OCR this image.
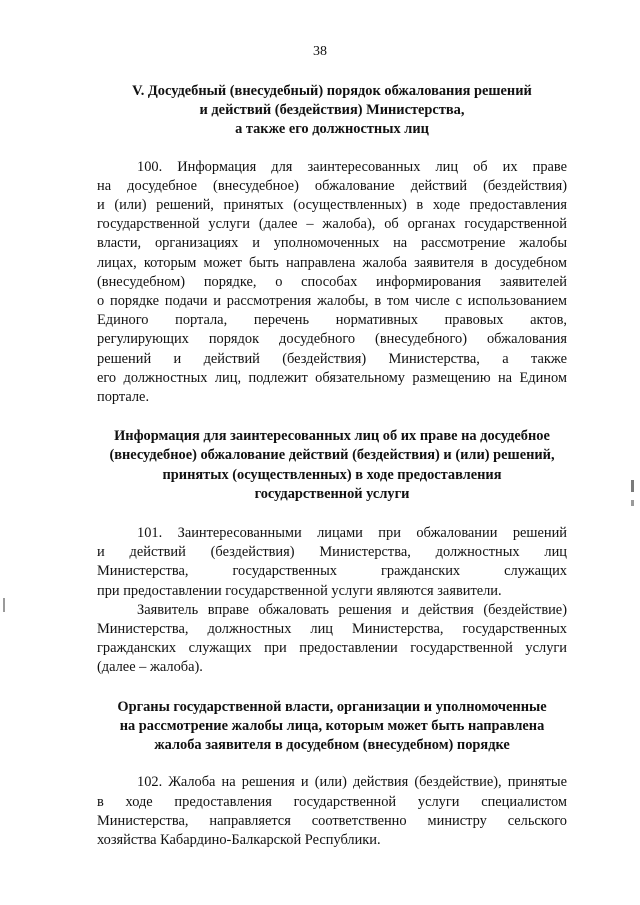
38
V. Досудебный (внесудебный) порядок обжалования решений
и действий (бездействия) Министерства,
а также его должностных лиц
100. Информация для заинтересованных лиц об их праве
на досудебное (внесудебное) обжалование действий (бездействия)
и (или) решений, принятых (осуществленных) в ходе предоставления
государственной услуги (далее – жалоба), об органах государственной
власти, организациях и уполномоченных на рассмотрение жалобы
лицах, которым может быть направлена жалоба заявителя в досудебном
(внесудебном) порядке, о способах информирования заявителей
о порядке подачи и рассмотрения жалобы, в том числе с использованием
Единого портала, перечень нормативных правовых актов,
регулирующих порядок досудебного (внесудебного) обжалования
решений и действий (бездействия) Министерства, а также
его должностных лиц, подлежит обязательному размещению на Едином
портале.
Информация для заинтересованных лиц об их праве на досудебное
(внесудебное) обжалование действий (бездействия) и (или) решений,
принятых (осуществленных) в ходе предоставления
государственной услуги
101. Заинтересованными лицами при обжаловании решений
и действий (бездействия) Министерства, должностных лиц
Министерства, государственных гражданских служащих
при предоставлении государственной услуги являются заявители.
Заявитель вправе обжаловать решения и действия (бездействие)
Министерства, должностных лиц Министерства, государственных
гражданских служащих при предоставлении государственной услуги
(далее – жалоба).
Органы государственной власти, организации и уполномоченные
на рассмотрение жалобы лица, которым может быть направлена
жалоба заявителя в досудебном (внесудебном) порядке
102. Жалоба на решения и (или) действия (бездействие), принятые
в ходе предоставления государственной услуги специалистом
Министерства, направляется соответственно министру сельского
хозяйства Кабардино-Балкарской Республики.
